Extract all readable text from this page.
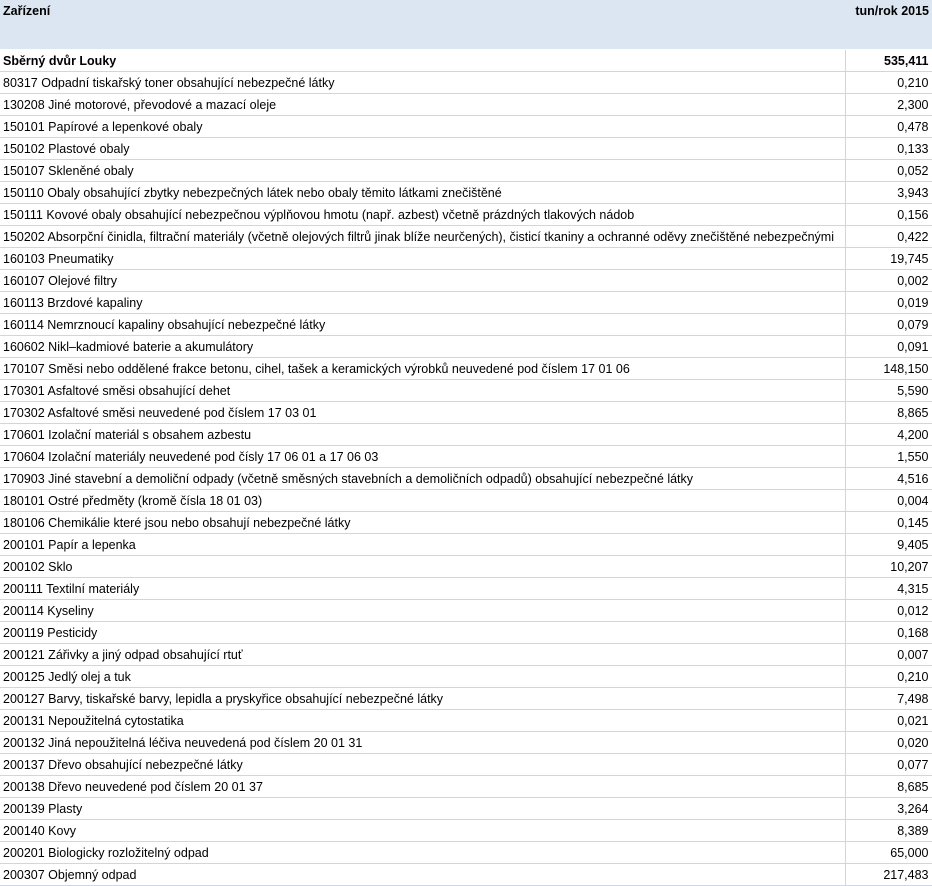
Zařízení	tun/rok 2015
Sběrný dvůr Louky	535,411
80317 Odpadní tiskařský toner obsahující nebezpečné látky	0,210
130208 Jiné motorové, převodové a mazací oleje	2,300
150101 Papírové a lepenkové obaly	0,478
150102 Plastové obaly	0,133
150107 Skleněné obaly	0,052
150110 Obaly obsahující zbytky nebezpečných látek nebo obaly těmito látkami znečištěné	3,943
150111 Kovové obaly obsahující nebezpečnou výplňovou hmotu (např. azbest) včetně prázdných tlakových nádob	0,156
150202 Absorpční činidla, filtrační materiály (včetně olejových filtrů jinak blíže neurčených), čisticí tkaniny a ochranné oděvy znečištěné nebezpečnými	0,422
160103 Pneumatiky	19,745
160107 Olejové filtry	0,002
160113 Brzdové kapaliny	0,019
160114 Nemrznoucí kapaliny obsahující nebezpečné látky	0,079
160602 Nikl–kadmiové baterie a akumulátory	0,091
170107 Směsi nebo oddělené frakce betonu, cihel, tašek a keramických výrobků neuvedené pod číslem 17 01 06	148,150
170301 Asfaltové směsi obsahující dehet	5,590
170302 Asfaltové směsi neuvedené pod číslem 17 03 01	8,865
170601 Izolační materiál s obsahem azbestu	4,200
170604 Izolační materiály neuvedené pod čísly 17 06 01 a 17 06 03	1,550
170903 Jiné stavební a demoliční odpady (včetně směsných stavebních a demoličních odpadů) obsahující nebezpečné látky	4,516
180101 Ostré předměty (kromě čísla 18 01 03)	0,004
180106 Chemikálie které jsou nebo obsahují nebezpečné látky	0,145
200101 Papír a lepenka	9,405
200102 Sklo	10,207
200111 Textilní materiály	4,315
200114 Kyseliny	0,012
200119 Pesticidy	0,168
200121 Zářivky a jiný odpad obsahující rtuť	0,007
200125 Jedlý olej a tuk	0,210
200127 Barvy, tiskařské barvy, lepidla a pryskyřice obsahující nebezpečné látky	7,498
200131 Nepoužitelná cytostatika	0,021
200132 Jiná nepoužitelná léčiva neuvedená pod číslem 20 01 31	0,020
200137 Dřevo obsahující nebezpečné látky	0,077
200138 Dřevo neuvedené pod číslem 20 01 37	8,685
200139 Plasty	3,264
200140 Kovy	8,389
200201 Biologicky rozložitelný odpad	65,000
200307 Objemný odpad	217,483
